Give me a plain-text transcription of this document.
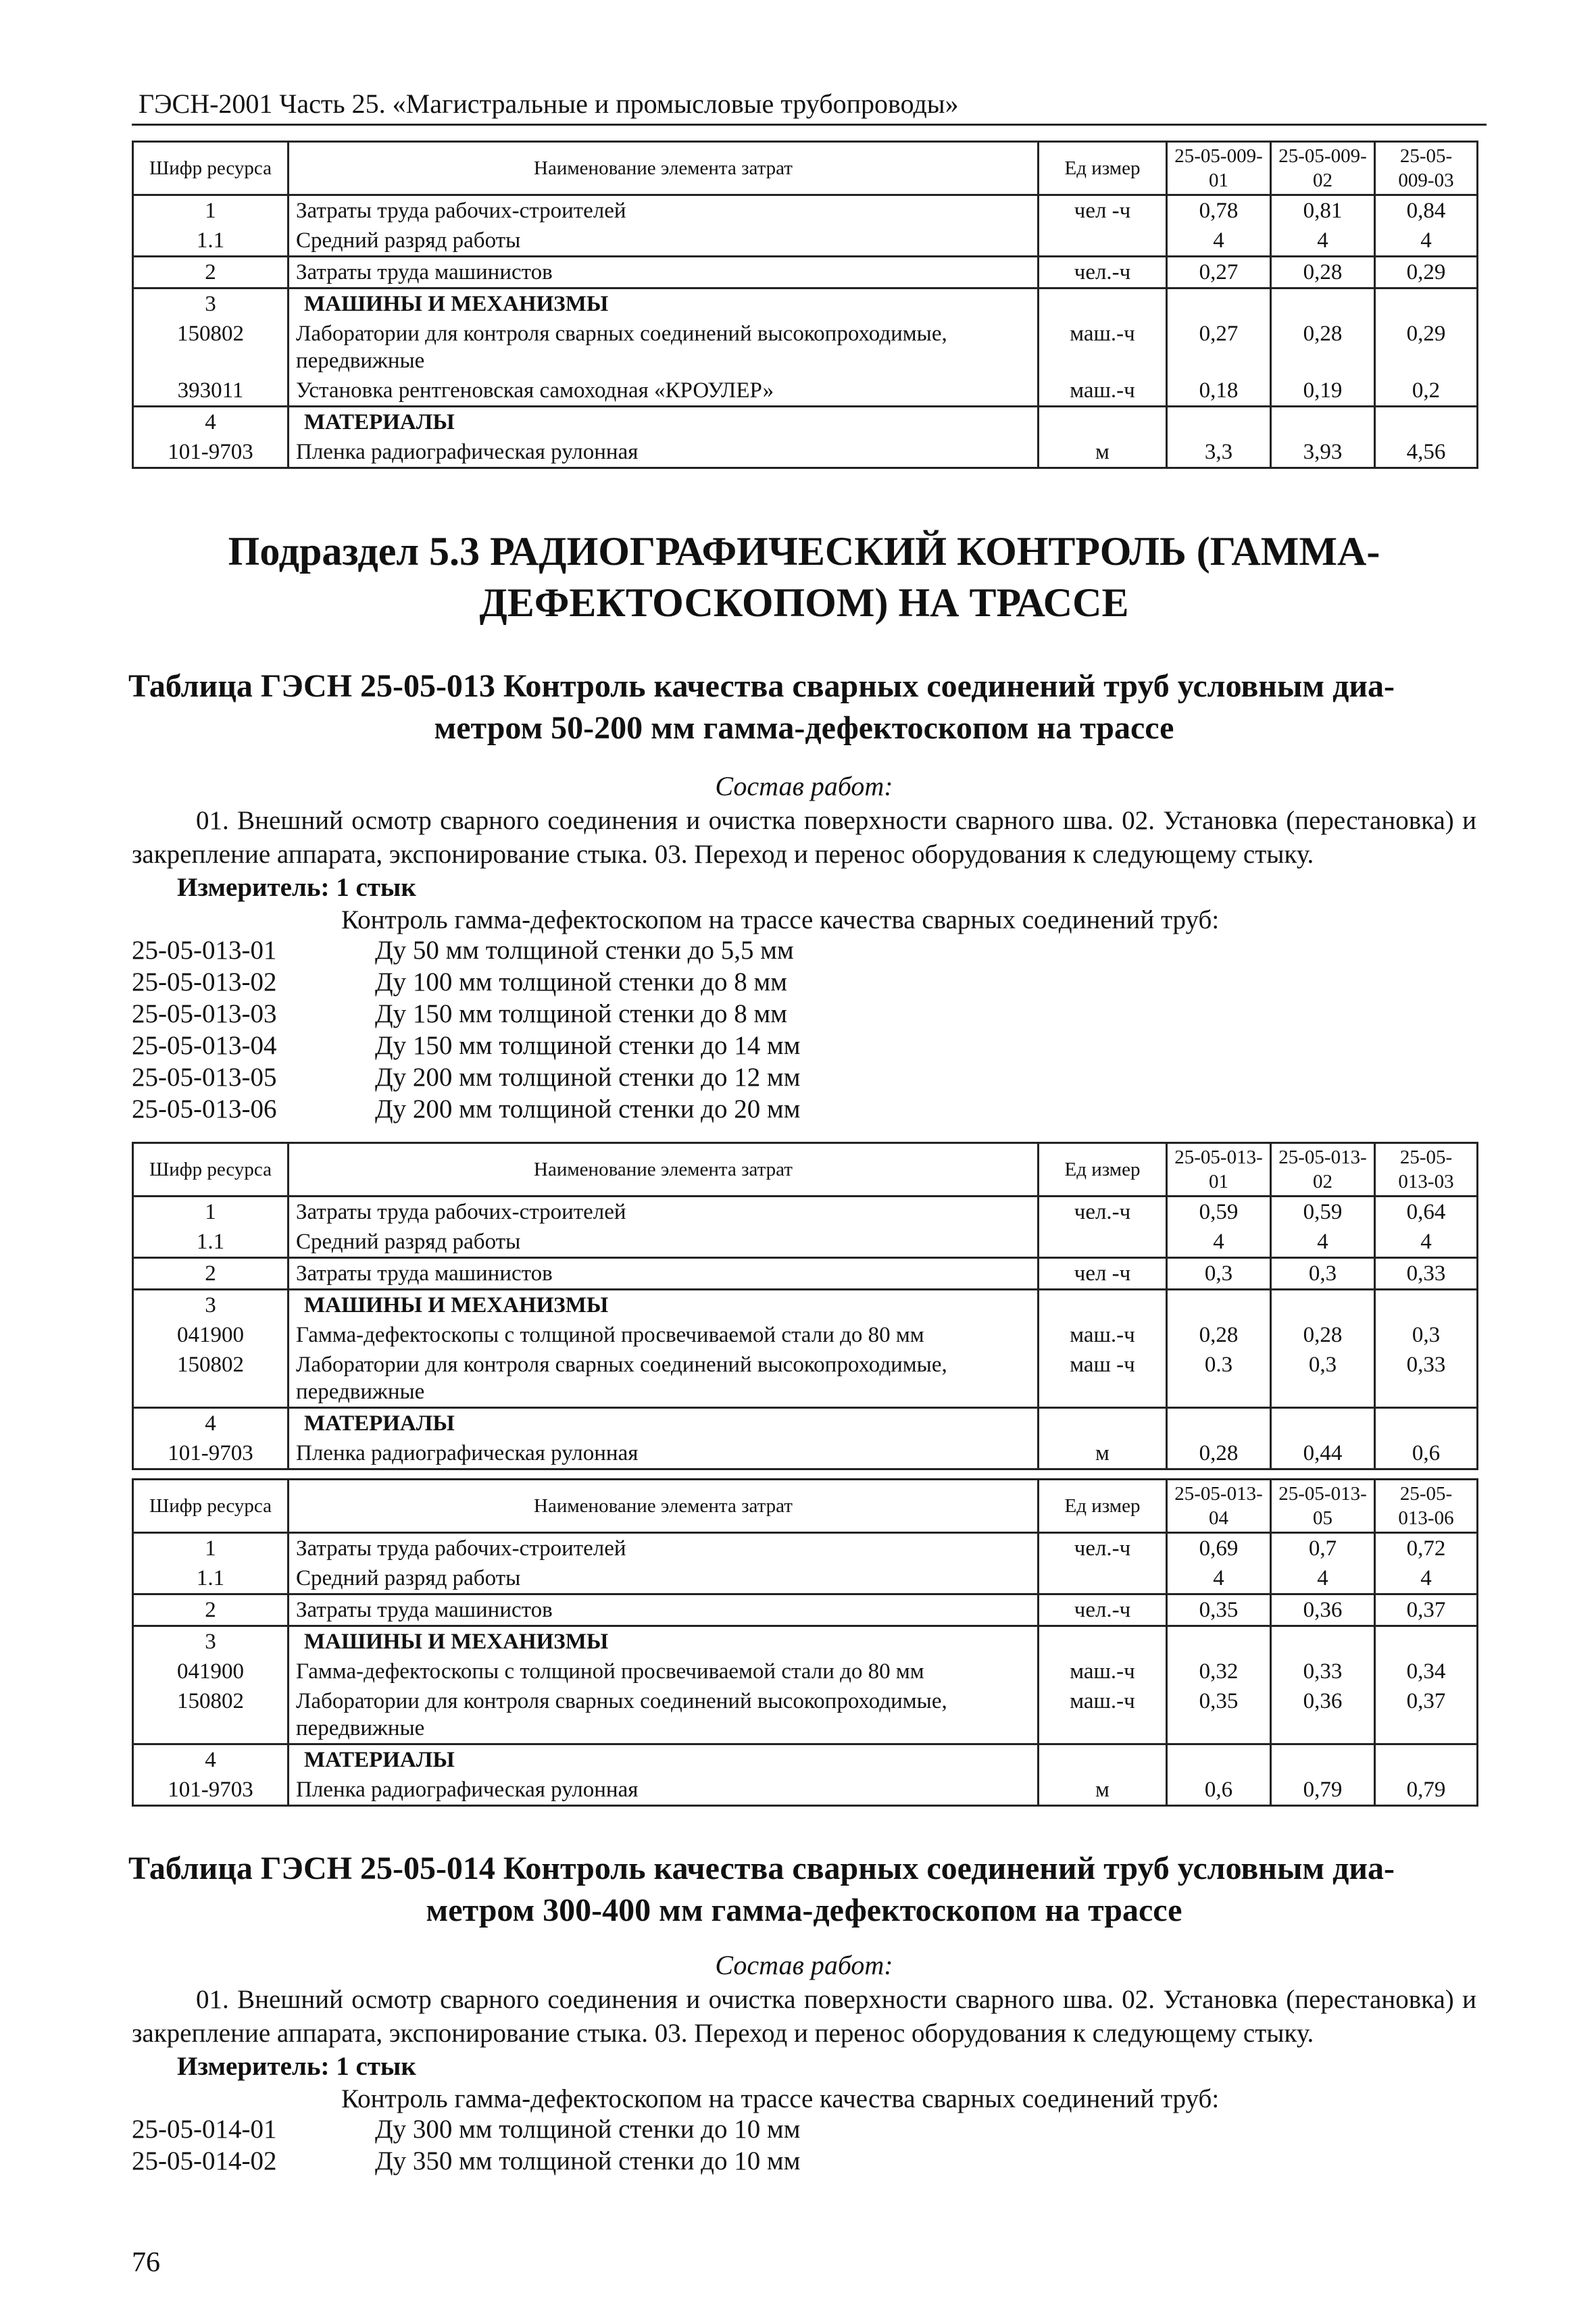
ГЭСН-2001 Часть 25. «Магистральные и промысловые трубопроводы»
Шифр ресурса	Наименование элемента затрат	Ед измер	25-05-009-01	25-05-009-02	25-05-009-03
1	Затраты труда рабочих-строителей	чел -ч	0,78	0,81	0,84
1.1	Средний разряд работы		4	4	4
2	Затраты труда машинистов	чел.-ч	0,27	0,28	0,29
3	МАШИНЫ И МЕХАНИЗМЫ				
150802	Лаборатории для контроля сварных соединений высокопроходимые, передвижные	маш.-ч	0,27	0,28	0,29
393011	Установка рентгеновская самоходная «КРОУЛЕР»	маш.-ч	0,18	0,19	0,2
4	МАТЕРИАЛЫ				
101-9703	Пленка радиографическая рулонная	м	3,3	3,93	4,56
Подраздел 5.3 РАДИОГРАФИЧЕСКИЙ КОНТРОЛЬ (ГАММА-
ДЕФЕКТОСКОПОМ) НА ТРАССЕ
Таблица ГЭСН 25-05-013 Контроль качества сварных соединений труб условным диа-
метром 50-200 мм гамма-дефектоскопом на трассе
Состав работ:
01. Внешний осмотр сварного соединения и очистка поверхности сварного шва. 02. Установка (перестановка) и закрепление аппарата, экспонирование стыка. 03. Переход и перенос оборудования к следующему стыку.
Измеритель: 1 стык
Контроль гамма-дефектоскопом на трассе качества сварных соединений труб:
25-05-013-01	Ду 50 мм толщиной стенки до 5,5 мм
25-05-013-02	Ду 100 мм толщиной стенки до 8 мм
25-05-013-03	Ду 150 мм толщиной стенки до 8 мм
25-05-013-04	Ду 150 мм толщиной стенки до 14 мм
25-05-013-05	Ду 200 мм толщиной стенки до 12 мм
25-05-013-06	Ду 200 мм толщиной стенки до 20 мм
Шифр ресурса	Наименование элемента затрат	Ед измер	25-05-013-01	25-05-013-02	25-05-013-03
1	Затраты труда рабочих-строителей	чел.-ч	0,59	0,59	0,64
1.1	Средний разряд работы		4	4	4
2	Затраты труда машинистов	чел -ч	0,3	0,3	0,33
3	МАШИНЫ И МЕХАНИЗМЫ				
041900	Гамма-дефектоскопы с толщиной просвечиваемой стали до 80 мм	маш.-ч	0,28	0,28	0,3
150802	Лаборатории для контроля сварных соединений высокопроходимые, передвижные	маш -ч	0.3	0,3	0,33
4	МАТЕРИАЛЫ				
101-9703	Пленка радиографическая рулонная	м	0,28	0,44	0,6
Шифр ресурса	Наименование элемента затрат	Ед измер	25-05-013-04	25-05-013-05	25-05-013-06
1	Затраты труда рабочих-строителей	чел.-ч	0,69	0,7	0,72
1.1	Средний разряд работы		4	4	4
2	Затраты труда машинистов	чел.-ч	0,35	0,36	0,37
3	МАШИНЫ И МЕХАНИЗМЫ				
041900	Гамма-дефектоскопы с толщиной просвечиваемой стали до 80 мм	маш.-ч	0,32	0,33	0,34
150802	Лаборатории для контроля сварных соединений высокопроходимые, передвижные	маш.-ч	0,35	0,36	0,37
4	МАТЕРИАЛЫ				
101-9703	Пленка радиографическая рулонная	м	0,6	0,79	0,79
Таблица ГЭСН 25-05-014 Контроль качества сварных соединений труб условным диа-
метром 300-400 мм гамма-дефектоскопом на трассе
Состав работ:
01. Внешний осмотр сварного соединения и очистка поверхности сварного шва. 02. Установка (перестановка) и закрепление аппарата, экспонирование стыка. 03. Переход и перенос оборудования к следующему стыку.
Измеритель: 1 стык
Контроль гамма-дефектоскопом на трассе качества сварных соединений труб:
25-05-014-01	Ду 300 мм толщиной стенки до 10 мм
25-05-014-02	Ду 350 мм толщиной стенки до 10 мм
76
